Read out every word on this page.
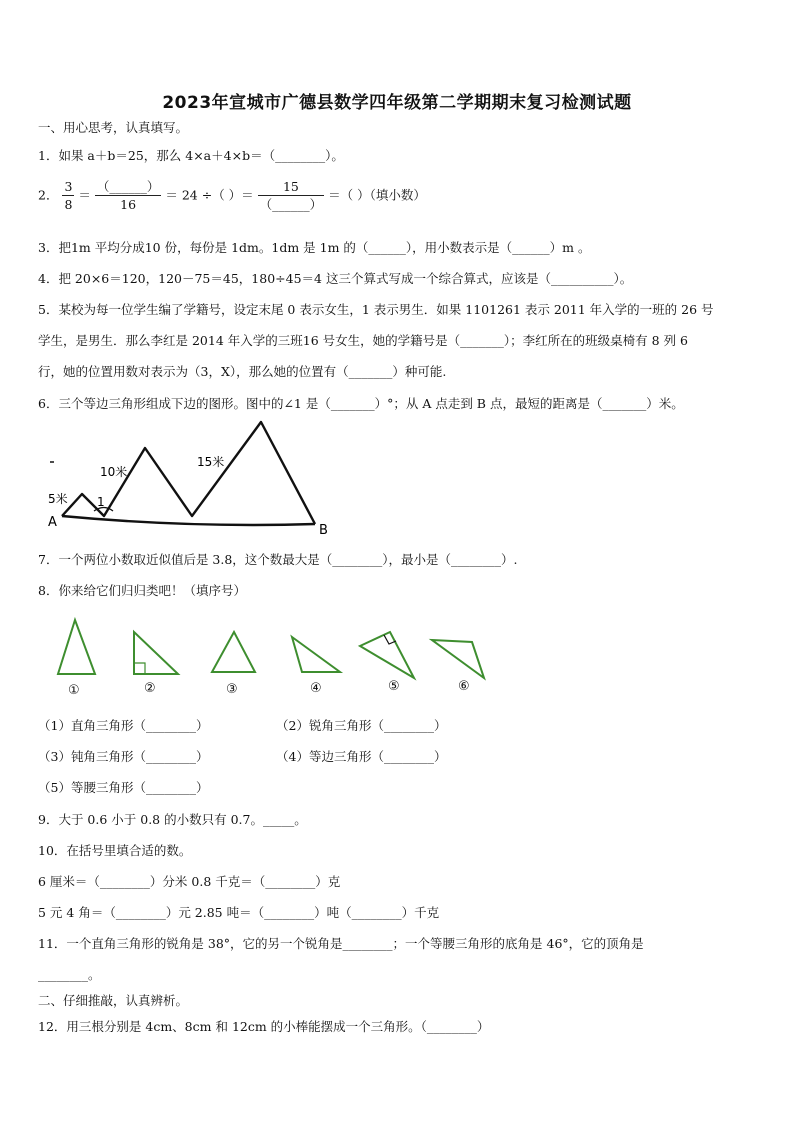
2023年宣城市广德县数学四年级第二学期期末复习检测试题
一、用心思考，认真填写。
1．如果 a＋b＝25，那么 4×a＋4×b＝（________）。
2． $\frac{3}{8} = \frac{(\_\_\_\_\_\_)}{16} = 24$ ÷（ ）＝ $\frac{15}{(\_\_\_\_\_\_)}$ ＝（ ）（填小数）
3．把1m 平均分成10 份，每份是 1dm。1dm 是 1m 的（______），用小数表示是（______）m 。
4．把 20×6＝120，120－75＝45，180÷45＝4 这三个算式写成一个综合算式，应该是（__________）。
5．某校为每一位学生编了学籍号，设定末尾 0 表示女生，1 表示男生．如果 1101261 表示 2011 年入学的一班的 26 号
学生，是男生．那么李红是 2014 年入学的三班16 号女生，她的学籍号是（_______）；李红所在的班级桌椅有 8 列 6
行，她的位置用数对表示为（3，X），那么她的位置有（_______）种可能.
6．三个等边三角形组成下边的图形。图中的∠1 是（_______）°；从 A 点走到 B 点，最短的距离是（_______）米。
5米
10米
15米
1
A
B
7．一个两位小数取近似值后是 3.8，这个数最大是（________），最小是（________）.
8．你来给它们归归类吧！（填序号）
①	②	③	④	⑤	⑥
（1）直角三角形（________）	（2）锐角三角形（________）
（3）钝角三角形（________）	（4）等边三角形（________）
（5）等腰三角形（________）
9．大于 0.6 小于 0.8 的小数只有 0.7。_____。
10．在括号里填合适的数。
6 厘米＝（________）分米 0.8 千克＝（________）克
5 元 4 角＝（________）元 2.85 吨＝（________）吨（________）千克
11．一个直角三角形的锐角是 38°，它的另一个锐角是________；一个等腰三角形的底角是 46°，它的顶角是
________。
二、仔细推敲，认真辨析。
12．用三根分别是 4cm、8cm 和 12cm 的小棒能摆成一个三角形。（________）
